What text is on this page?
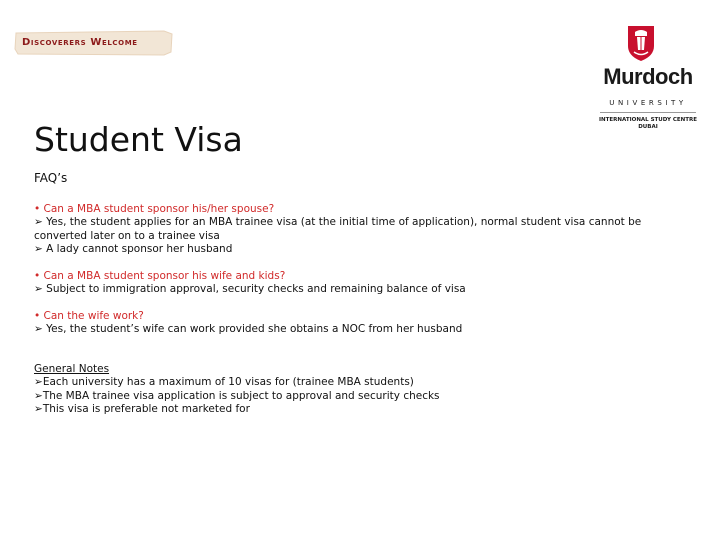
Discoverers Welcome
Murdoch
UNIVERSITY
INTERNATIONAL STUDY CENTRE
DUBAI
Student Visa
FAQ’s
• Can a MBA student sponsor his/her spouse?
➢ Yes, the student applies for an MBA trainee visa (at the initial time of application), normal student visa cannot be converted later on to a trainee visa
➢ A lady cannot sponsor her husband
• Can a MBA student sponsor his wife and kids?
➢ Subject to immigration approval, security checks and remaining balance of visa
• Can the wife work?
➢ Yes, the student’s wife can work provided she obtains a NOC from her husband
General Notes
➢Each university has a maximum of 10 visas for (trainee MBA students)
➢The MBA trainee visa application is subject to approval and security checks
➢This visa is preferable not marketed for
